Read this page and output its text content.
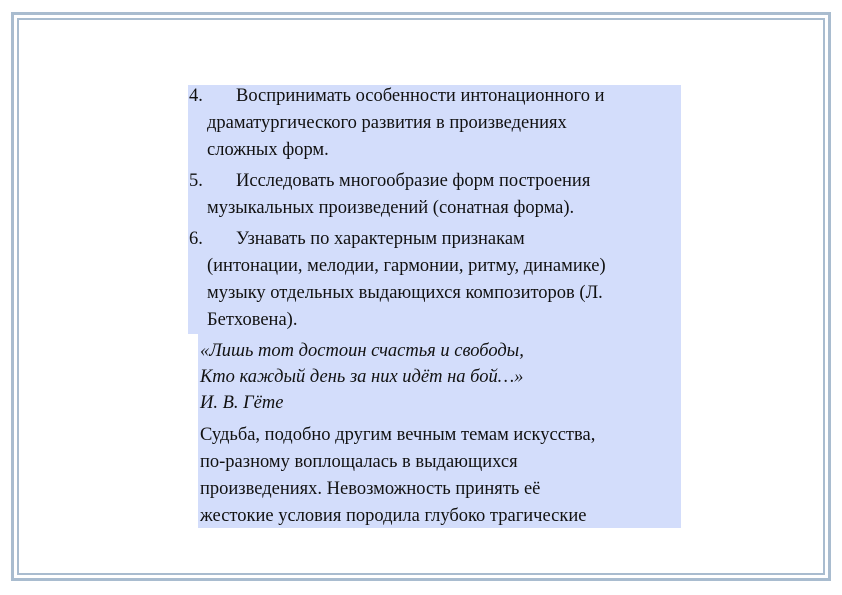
4. Воспринимать особенности интонационного и
драматургического развития в произведениях
сложных форм.
5. Исследовать многообразие форм построения
музыкальных произведений (сонатная форма).
6. Узнавать по характерным признакам
(интонации, мелодии, гармонии, ритму, динамике)
музыку отдельных выдающихся композиторов (Л.
Бетховена).
«Лишь тот достоин счастья и свободы,
Кто каждый день за них идёт на бой…»
И. В. Гёте
Судьба, подобно другим вечным темам искусства,
по-разному воплощалась в выдающихся
произведениях. Невозможность принять её
жестокие условия породила глубоко трагические
